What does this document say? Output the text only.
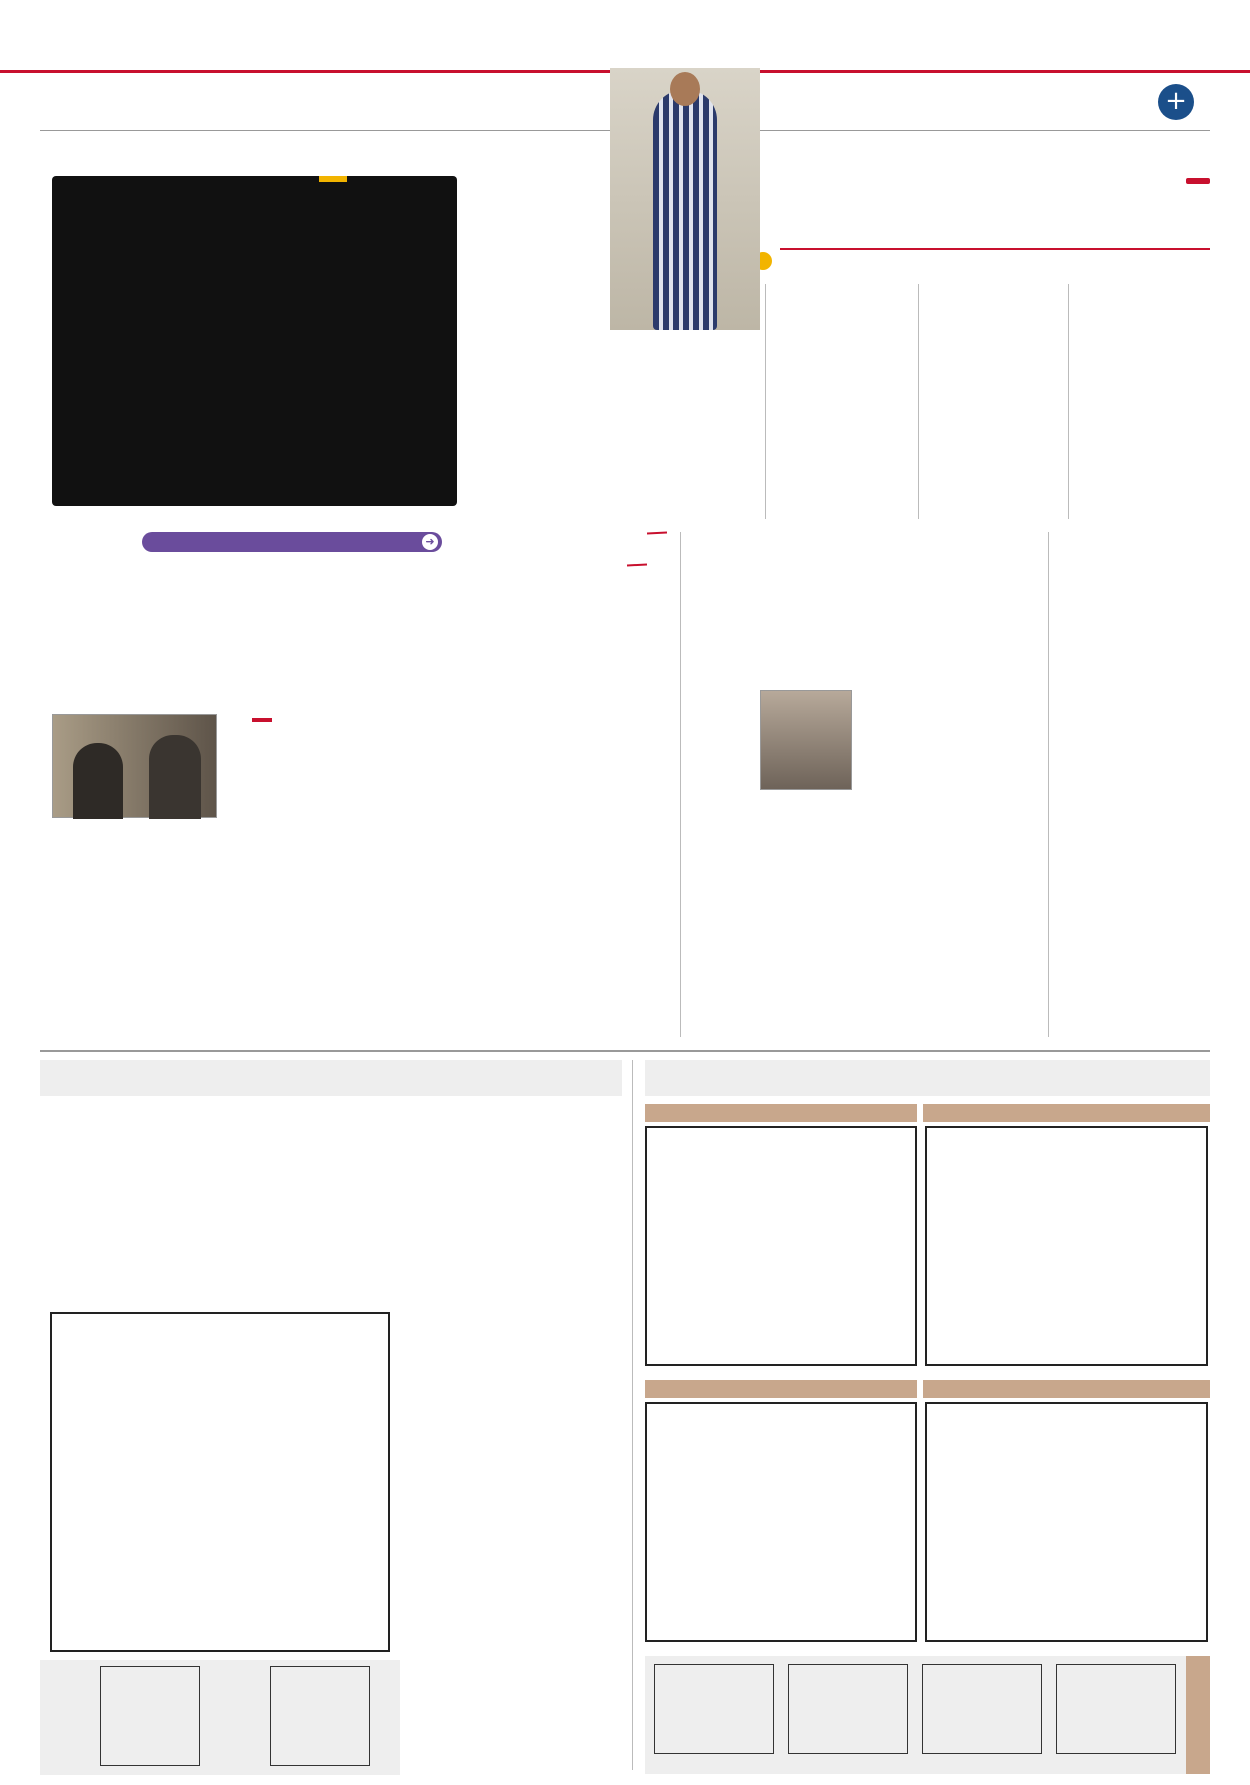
+
➜
